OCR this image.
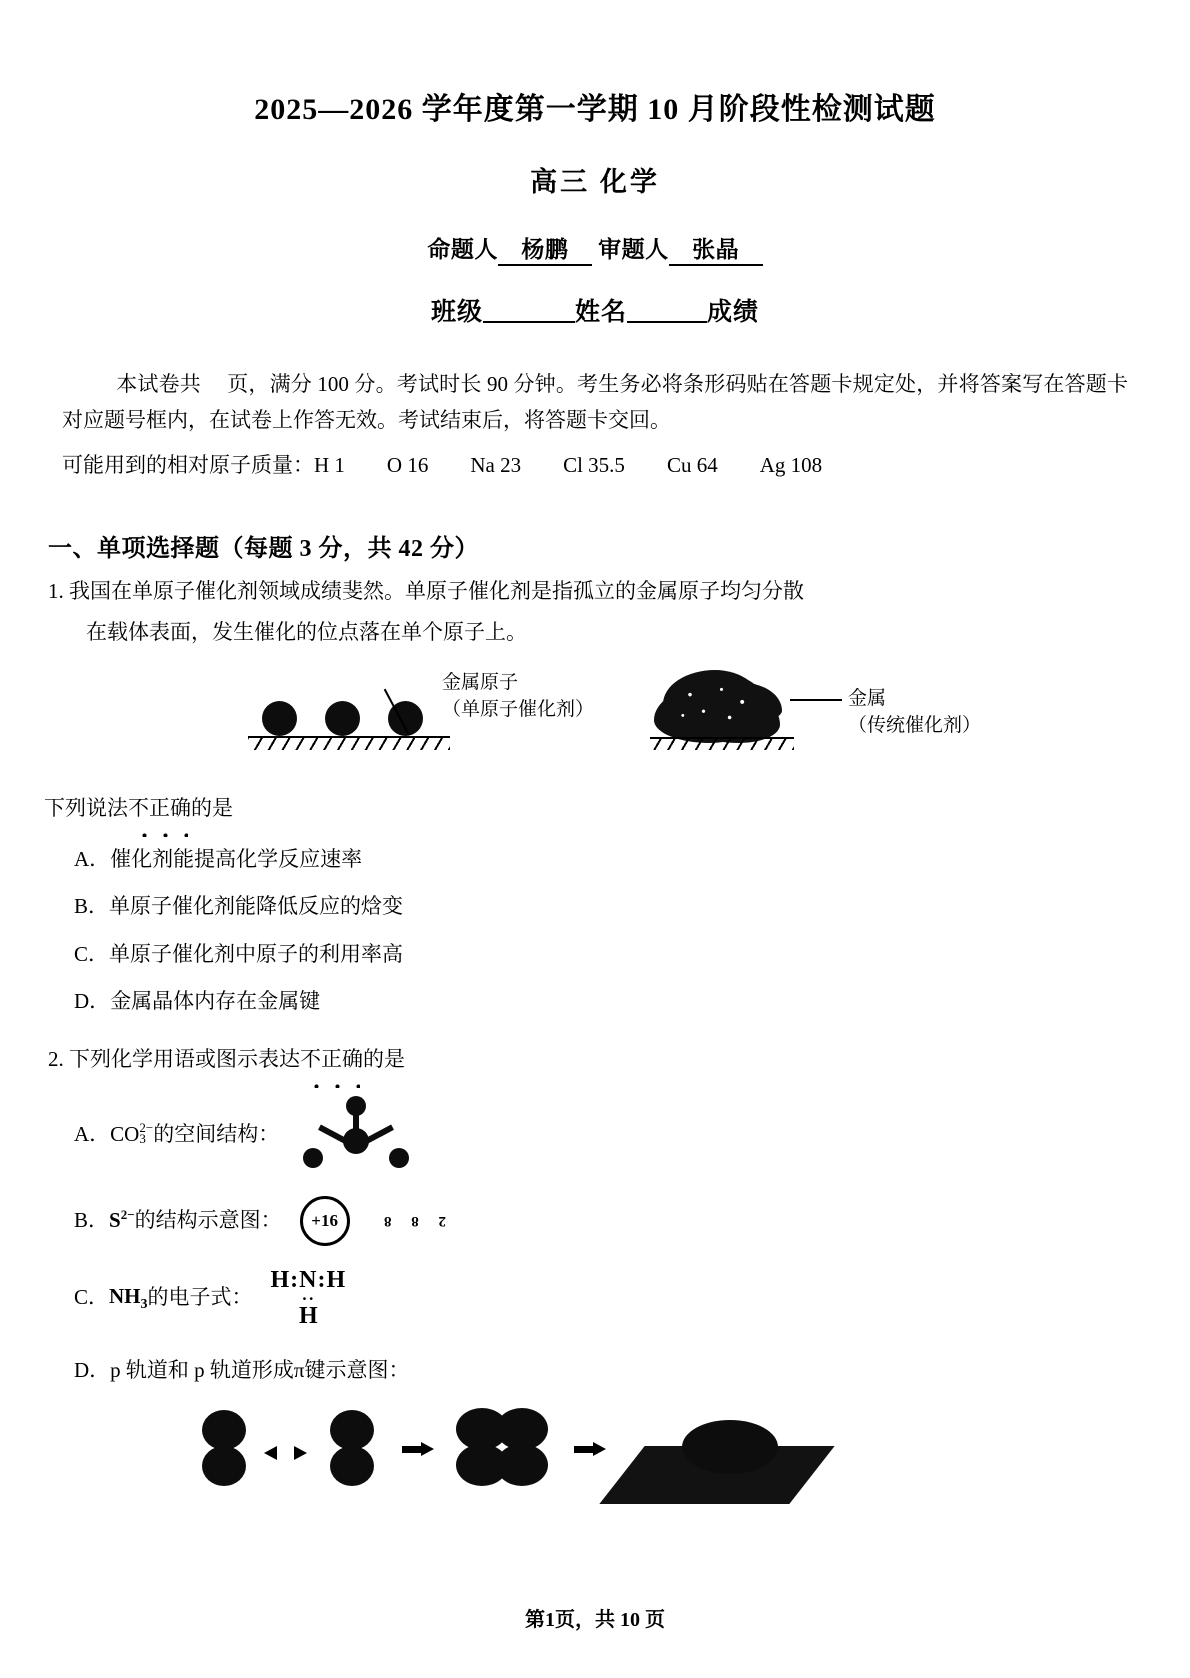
2025—2026 学年度第一学期 10 月阶段性检测试题
高三 化学
命题人 杨鹏 审题人 张晶
班级	姓名	成绩
本试卷共 页，满分 100 分。考试时长 90 分钟。考生务必将条形码贴在答题卡规定处，并将答案写在答题卡对应题号框内，在试卷上作答无效。考试结束后，将答题卡交回。
可能用到的相对原子质量：H 1 O 16 Na 23 Cl 35.5 Cu 64 Ag 108
一、单项选择题（每题 3 分，共 42 分）
1. 我国在单原子催化剂领域成绩斐然。单原子催化剂是指孤立的金属原子均匀分散
在载体表面，发生催化的位点落在单个原子上。
金属原子
（单原子催化剂）
金属
（传统催化剂）
下列说法不正确的是
A． 催化剂能提高化学反应速率
B． 单原子催化剂能降低反应的焓变
C． 单原子催化剂中原子的利用率高
D． 金属晶体内存在金属键
2. 下列化学用语或图示表达不正确的是
A． CO 2−
3 的空间结构：
B． $S^{2-}$ 的结构示意图：	+16	2 8 8
C． $NH_3$ 的电子式：
H:N:H
··
H
D． p 轨道和 p 轨道形成π键示意图：
第1页，共 10 页
